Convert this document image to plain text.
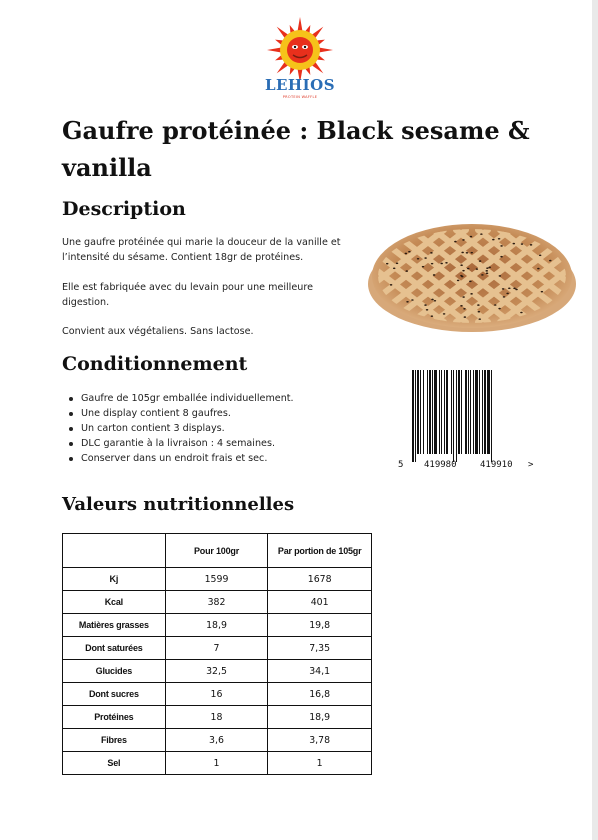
LEHIOS
PROTEIN WAFFLE
Gaufre protéinée : Black sesame & vanilla
Description

Une gaufre protéinée qui marie la douceur de la vanille et l’intensité du sésame. Contient 18gr de protéines.

Elle est fabriquée avec du levain pour une meilleure digestion.

Convient aux végétaliens. Sans lactose.

Conditionnement
Gaufre de 105gr emballée individuellement.
Une display contient 8 gaufres.
Un carton contient 3 displays.
DLC garantie à la livraison : 4 semaines.
Conserver dans un endroit frais et sec.
5 419980	419910 >
Valeurs nutritionnelles
	Pour 100gr	Par portion de 105gr
Kj	1599	1678
Kcal	382	401
Matières grasses	18,9	19,8
Dont saturées	7	7,35
Glucides	32,5	34,1
Dont sucres	16	16,8
Protéines	18	18,9
Fibres	3,6	3,78
Sel	1	1
